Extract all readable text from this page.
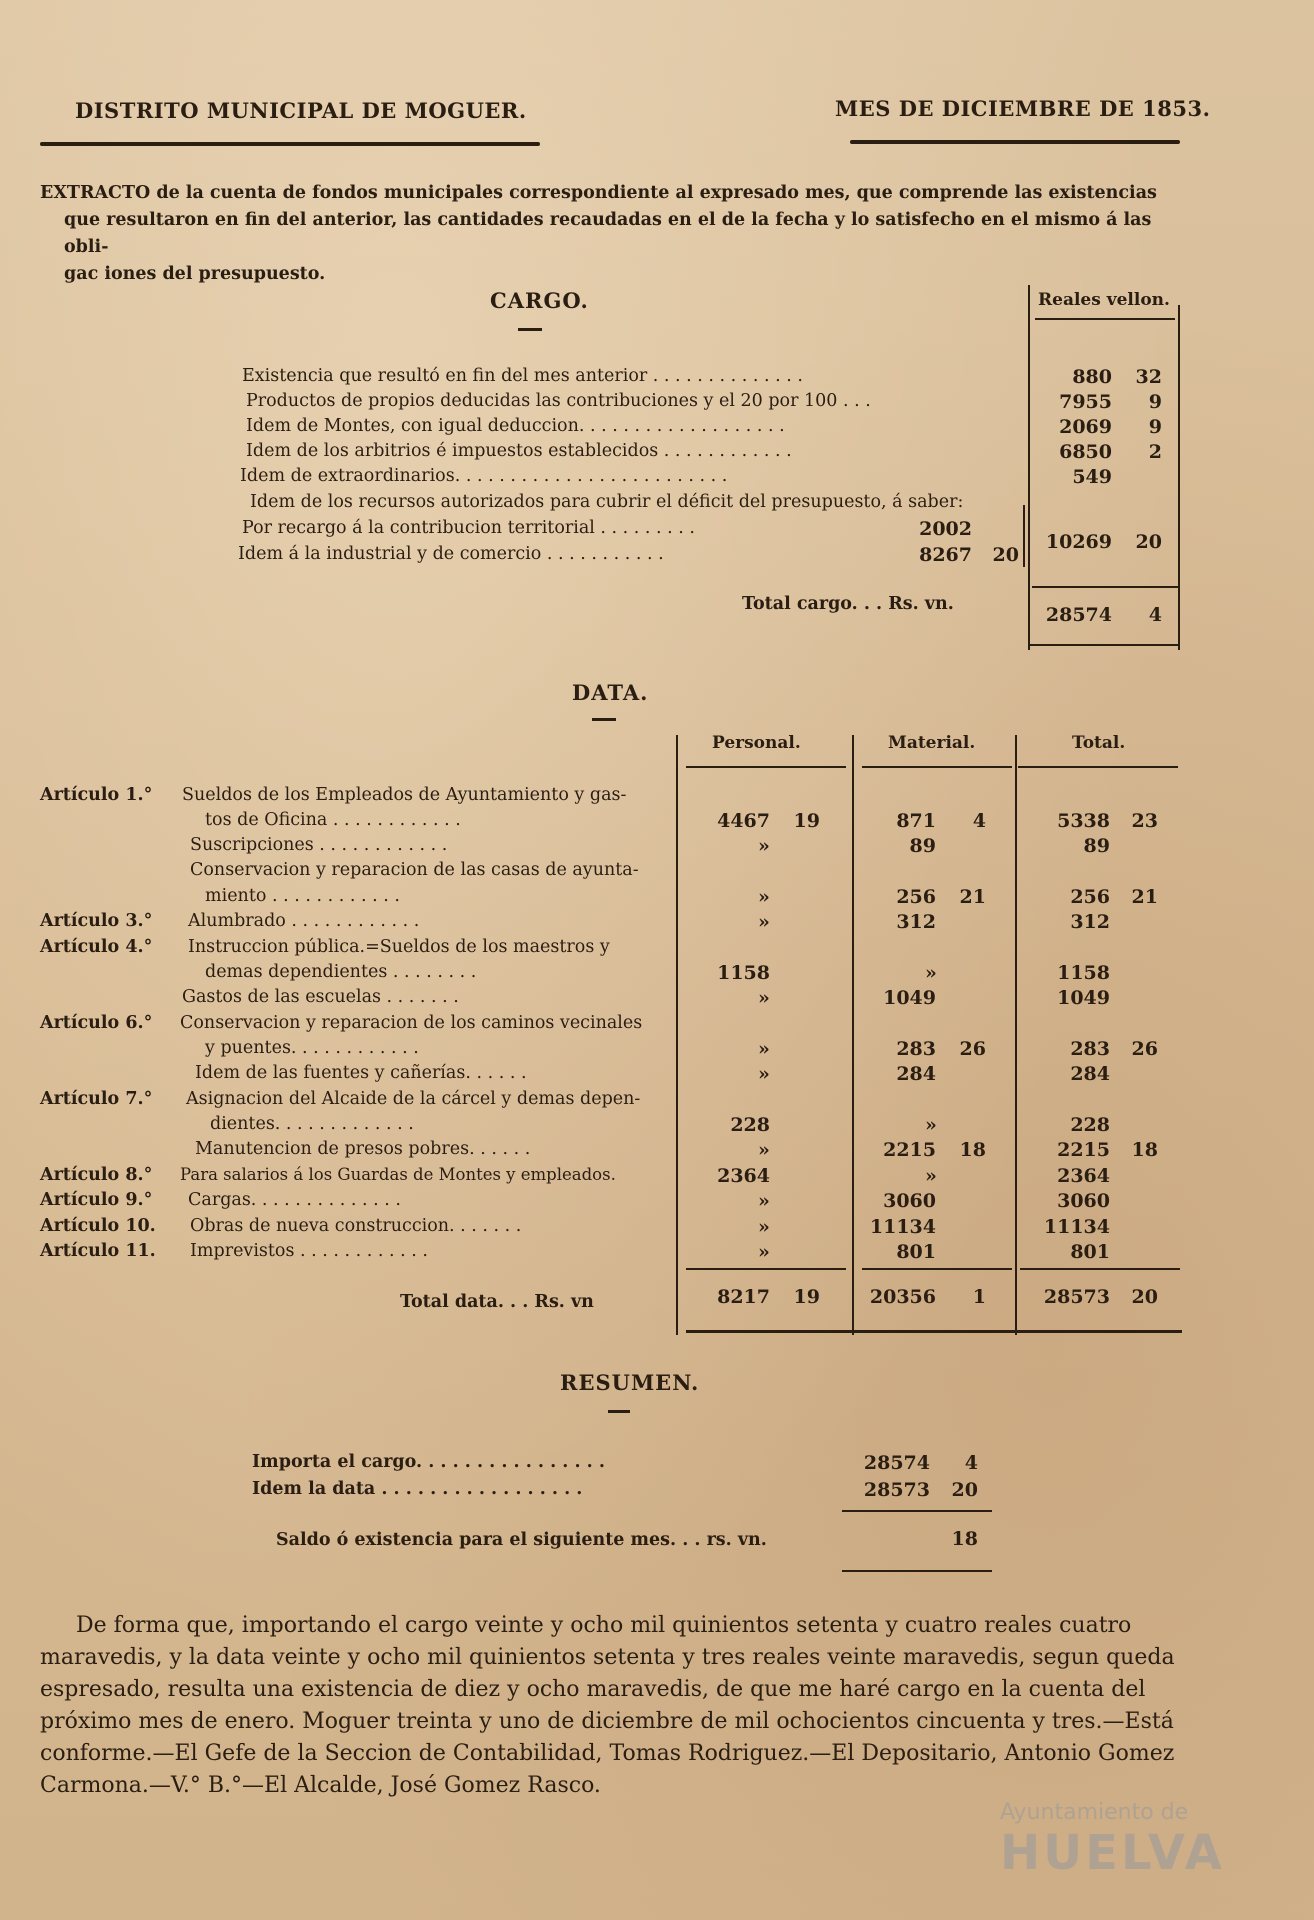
DISTRITO MUNICIPAL DE MOGUER.	MES DE DICIEMBRE DE 1853.
EXTRACTO de la cuenta de fondos municipales correspondiente al expresado mes, que comprende las existencias
que resultaron en fin del anterior, las cantidades recaudadas en el de la fecha y lo satisfecho en el mismo á las obli-
gac iones del presupuesto.
CARGO.	Reales vellon.
Existencia que resultó en fin del mes anterior . . . . . . . . . . . . . .	880	32
Productos de propios deducidas las contribuciones y el 20 por 100 . . .	7955	9
Idem de Montes, con igual deduccion. . . . . . . . . . . . . . . . . . .	2069	9
Idem de los arbitrios é impuestos establecidos . . . . . . . . . . . .	6850	2
Idem de extraordinarios. . . . . . . . . . . . . . . . . . . . . . . . .	549
Idem de los recursos autorizados para cubrir el déficit del presupuesto, á saber:
Por recargo á la contribucion territorial . . . . . . . . .	2002
Idem á la industrial y de comercio . . . . . . . . . . .	8267	20
10269	20
Total cargo. . . Rs. vn.	28574	4
DATA.
Personal.	Material.	Total.
Artículo 1.° Sueldos de los Empleados de Ayuntamiento y gas-
tos de Oficina . . . . . . . . . . . .	4467	19	871	4	5338	23
Suscripciones . . . . . . . . . . . .	»	89	89
Conservacion y reparacion de las casas de ayunta-
miento . . . . . . . . . . . .	»	256	21	256	21
Artículo 3.° Alumbrado . . . . . . . . . . . .	»	312	312
Artículo 4.° Instruccion pública.=Sueldos de los maestros y
demas dependientes . . . . . . . .	1158	»	1158
Gastos de las escuelas . . . . . . .	»	1049	1049
Artículo 6.° Conservacion y reparacion de los caminos vecinales
y puentes. . . . . . . . . . . .	»	283	26	283	26
Idem de las fuentes y cañerías. . . . . .	»	284	284
Artículo 7.° Asignacion del Alcaide de la cárcel y demas depen-
dientes. . . . . . . . . . . . .	228	»	228
Manutencion de presos pobres. . . . . .	»	2215	18	2215	18
Artículo 8.° Para salarios á los Guardas de Montes y empleados.	2364	»	2364
Artículo 9.° Cargas. . . . . . . . . . . . . .	»	3060	3060
Artículo 10. Obras de nueva construccion. . . . . . .	»	11134	11134
Artículo 11. Imprevistos . . . . . . . . . . . .	»	801	801
Total data. . . Rs. vn	8217	19	20356	1	28573	20
RESUMEN.
Importa el cargo. . . . . . . . . . . . . . . .	28574	4
Idem la data . . . . . . . . . . . . . . . . .	28573	20
Saldo ó existencia para el siguiente mes. . . rs. vn.	18
De forma que, importando el cargo veinte y ocho mil quinientos setenta y cuatro reales cuatro maravedis, y la data veinte y ocho mil quinientos setenta y tres reales veinte maravedis, segun queda espresado, resulta una existencia de diez y ocho maravedis, de que me haré cargo en la cuenta del próximo mes de enero. Moguer treinta y uno de diciembre de mil ochocientos cincuenta y tres.—Está conforme.—El Gefe de la Seccion de Contabilidad, Tomas Rodriguez.—El Depositario, Antonio Gomez Carmona.—V.° B.°—El Alcalde, José Gomez Rasco.
Ayuntamiento de
HUELVA
